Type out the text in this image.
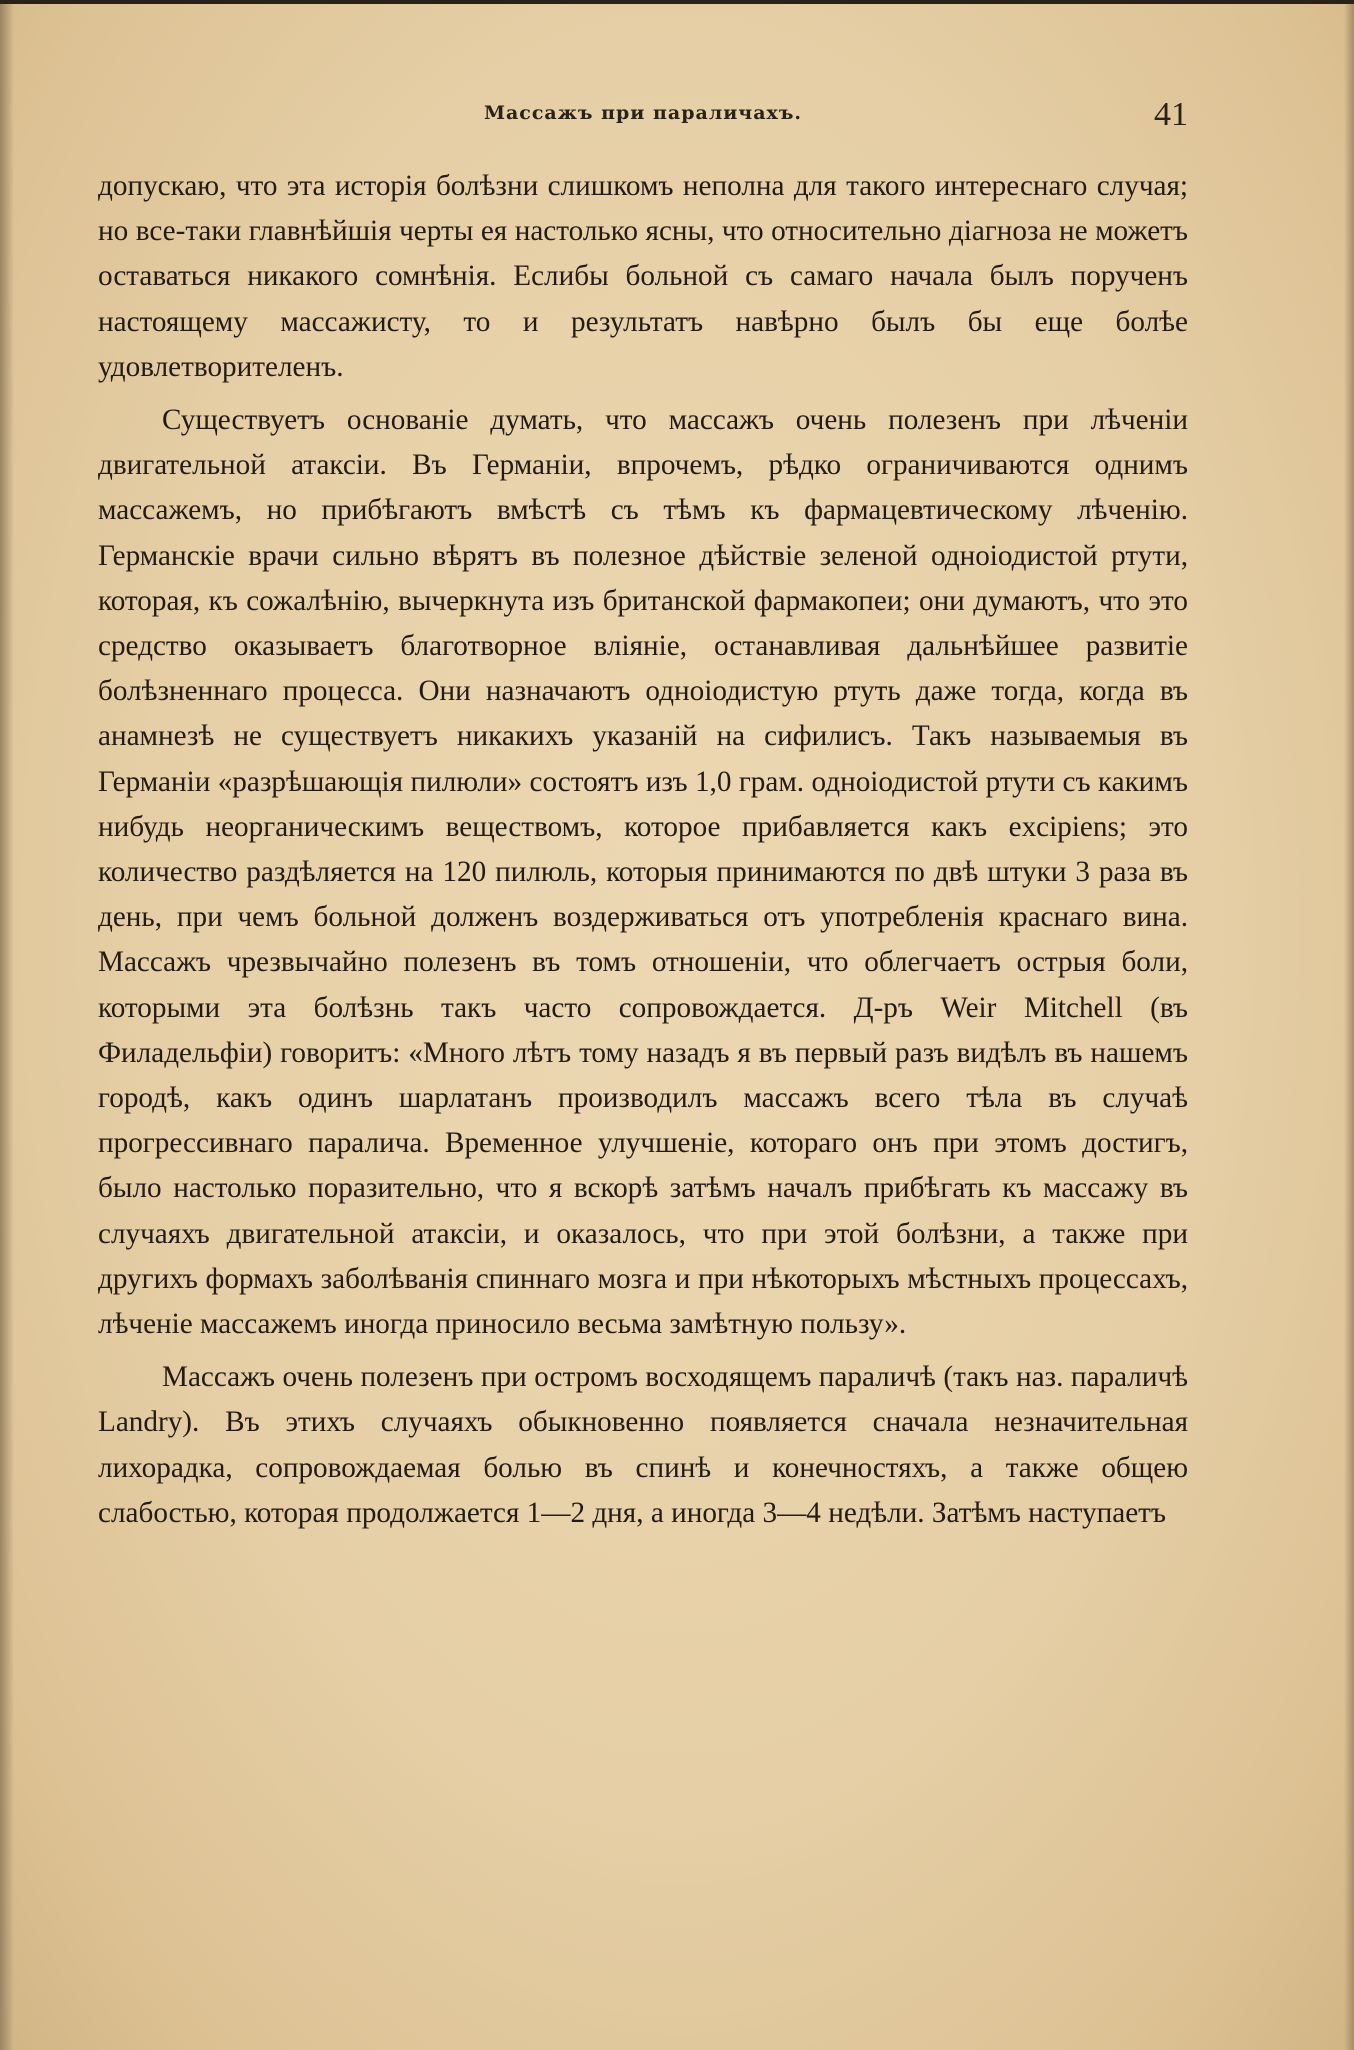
Массажъ при параличахъ.	41

допускаю, что эта исторія болѣзни слишкомъ неполна для такого интереснаго случая; но все-таки главнѣйшія черты ея настолько ясны, что относительно діагноза не можетъ оставаться никакого сомнѣнія. Еслибы больной съ самаго начала былъ порученъ настоящему массажисту, то и результатъ навѣрно былъ бы еще болѣе удовлетворителенъ.

Существуетъ основаніе думать, что массажъ очень полезенъ при лѣченіи двигательной атаксіи. Въ Германіи, впрочемъ, рѣдко ограничиваются однимъ массажемъ, но прибѣгаютъ вмѣстѣ съ тѣмъ къ фармацевтическому лѣченію. Германскіе врачи сильно вѣрятъ въ полезное дѣйствіе зеленой одноіодистой ртути, которая, къ сожалѣнію, вычеркнута изъ британской фармакопеи; они думаютъ, что это средство оказываетъ благотворное вліяніе, останавливая дальнѣйшее развитіе болѣзненнаго процесса. Они назначаютъ одноіодистую ртуть даже тогда, когда въ анамнезѣ не существуетъ никакихъ указаній на сифилисъ. Такъ называемыя въ Германіи «разрѣшающія пилюли» состоятъ изъ 1,0 грам. одноіодистой ртути съ какимъ нибудь неорганическимъ веществомъ, которое прибавляется какъ excipiens; это количество раздѣляется на 120 пилюль, которыя принимаются по двѣ штуки 3 раза въ день, при чемъ больной долженъ воздерживаться отъ употребленія краснаго вина. Массажъ чрезвычайно полезенъ въ томъ отношеніи, что облегчаетъ острыя боли, которыми эта болѣзнь такъ часто сопровождается. Д-ръ Weir Mitchell (въ Филадельфіи) говоритъ: «Много лѣтъ тому назадъ я въ первый разъ видѣлъ въ нашемъ городѣ, какъ одинъ шарлатанъ производилъ массажъ всего тѣла въ случаѣ прогрессивнаго паралича. Временное улучшеніе, котораго онъ при этомъ достигъ, было настолько поразительно, что я вскорѣ затѣмъ началъ прибѣгать къ массажу въ случаяхъ двигательной атаксіи, и оказалось, что при этой болѣзни, а также при другихъ формахъ заболѣванія спиннаго мозга и при нѣкоторыхъ мѣстныхъ процессахъ, лѣченіе массажемъ иногда приносило весьма замѣтную пользу».

Массажъ очень полезенъ при остромъ восходящемъ параличѣ (такъ наз. параличѣ Landry). Въ этихъ случаяхъ обыкновенно появляется сначала незначительная лихорадка, сопровождаемая болью въ спинѣ и конечностяхъ, а также общею слабостью, которая продолжается 1—2 дня, а иногда 3—4 недѣли. Затѣмъ наступаетъ
